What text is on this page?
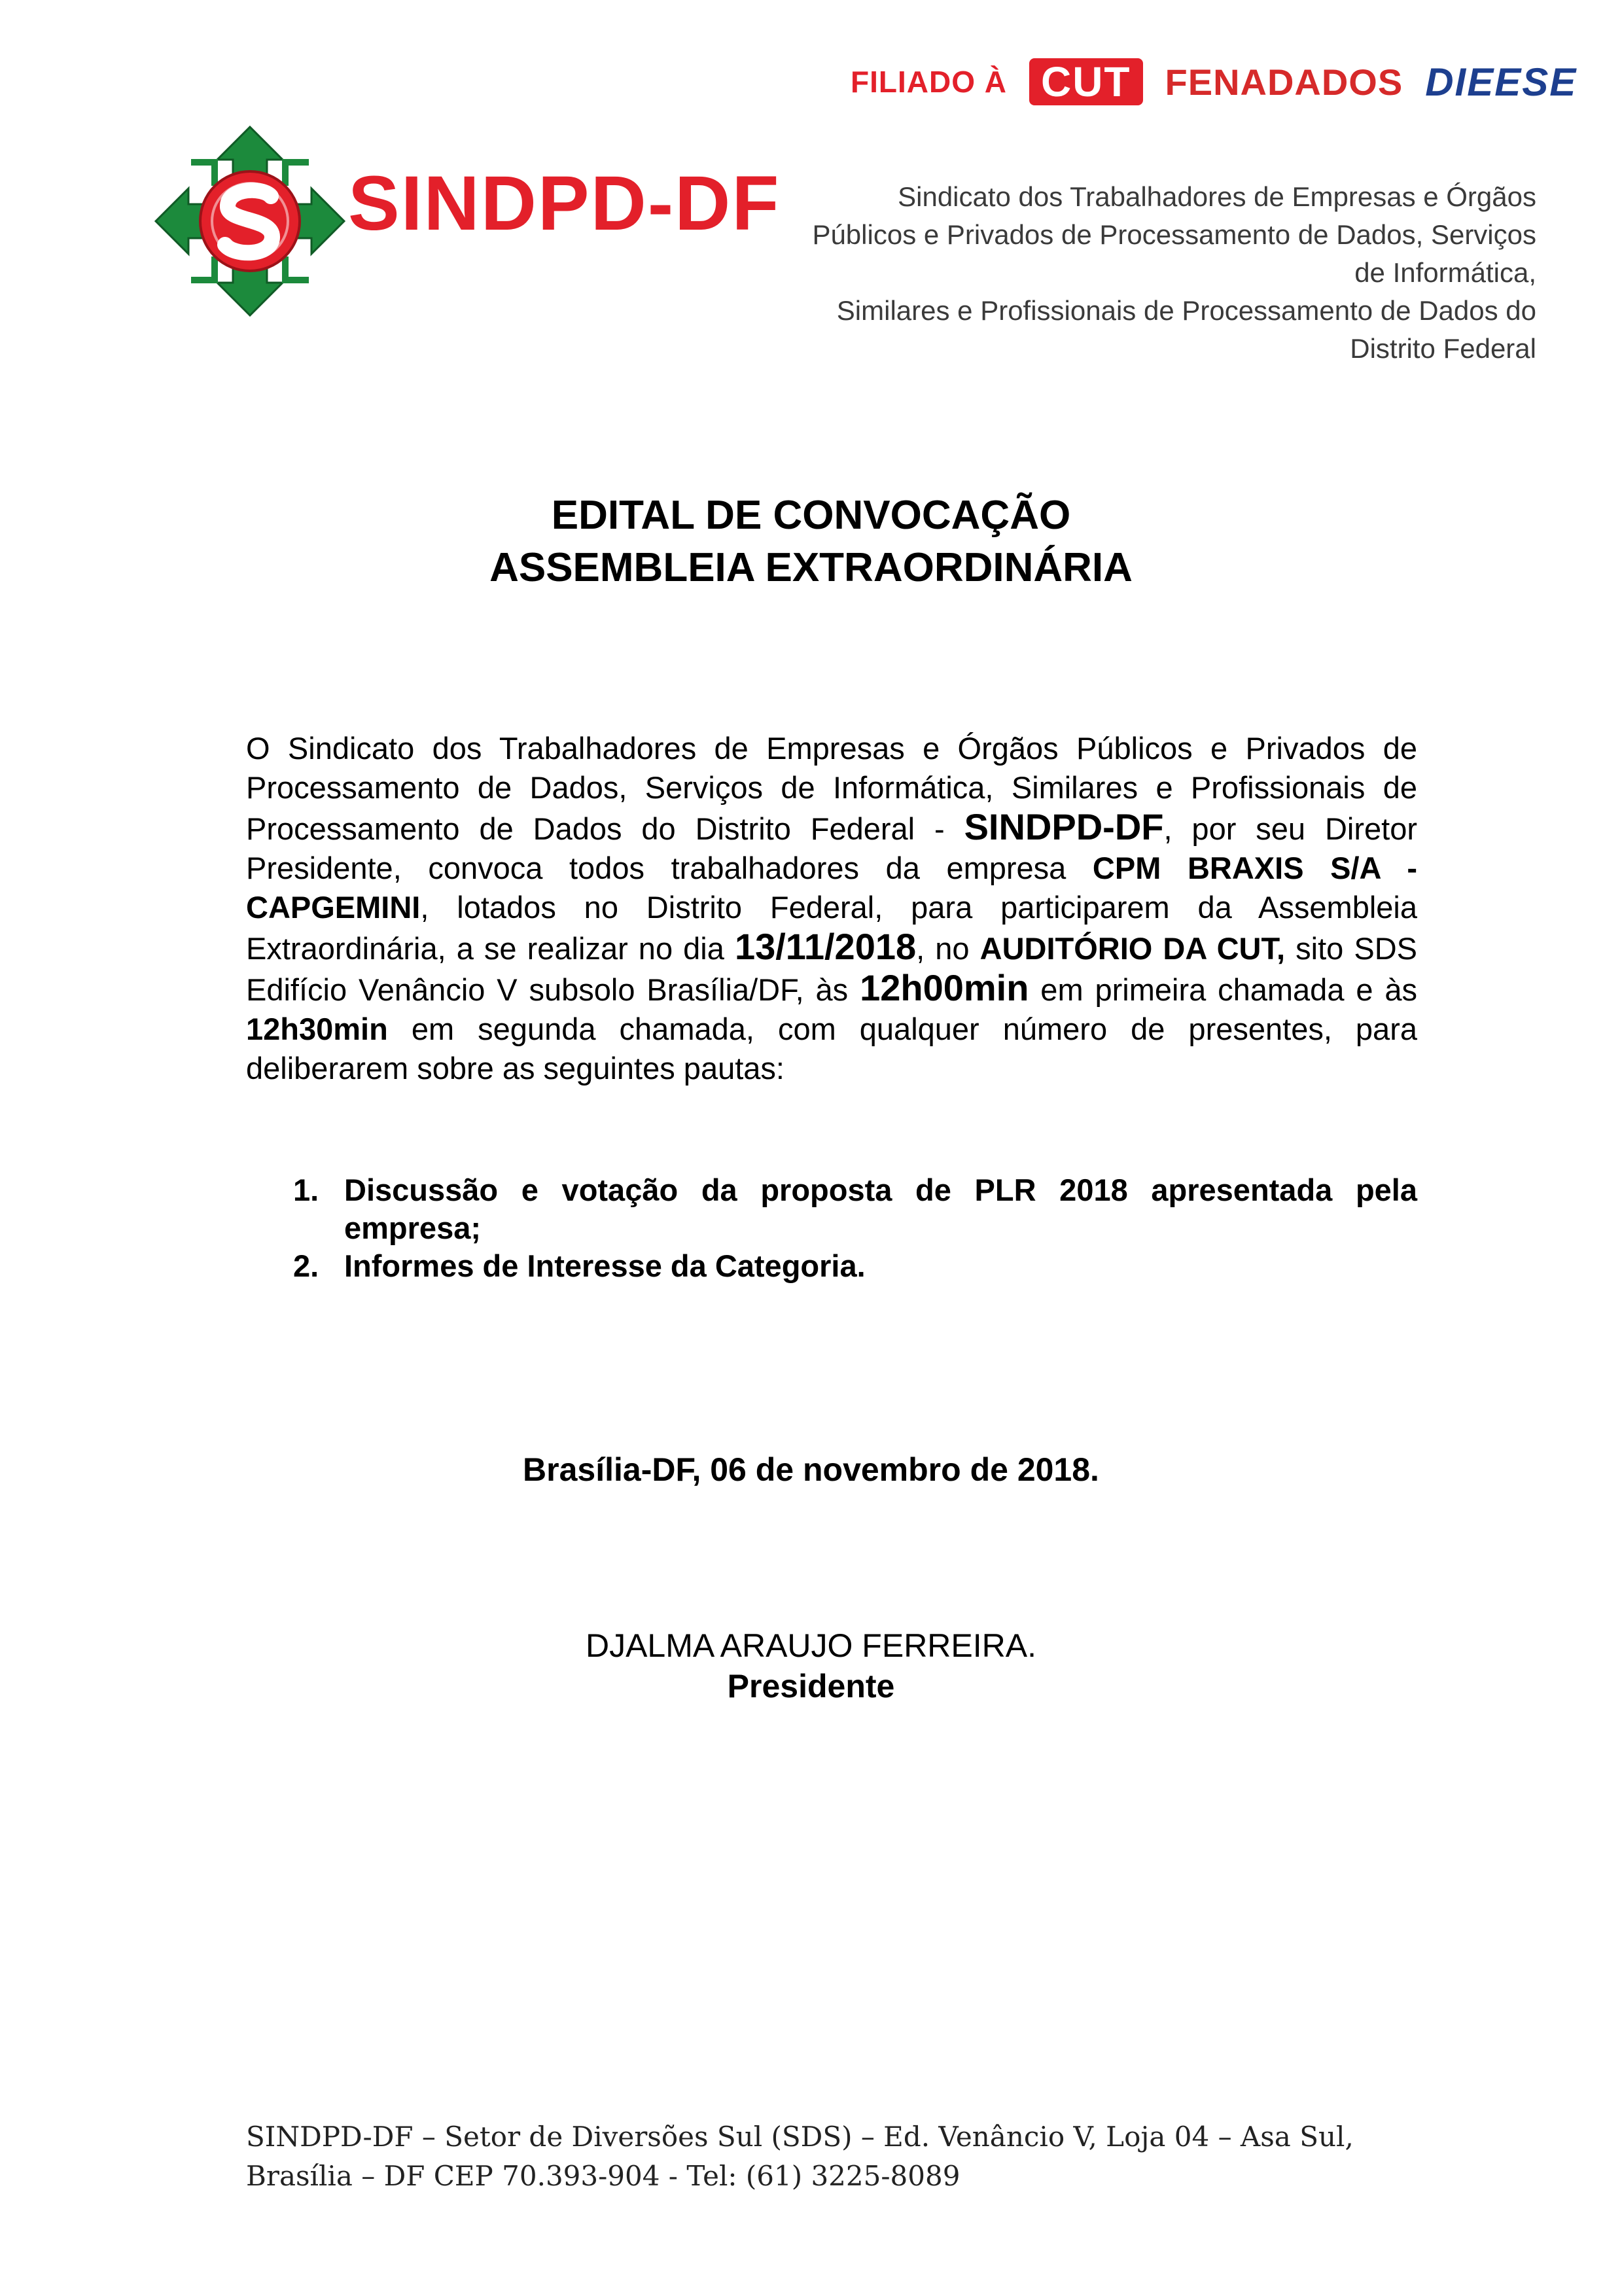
FILIADO À CUT FENADADOS DIEESE
SINDPD-DF	Sindicato dos Trabalhadores de Empresas e Órgãos
Públicos e Privados de Processamento de Dados, Serviços de Informática,
Similares e Profissionais de Processamento de Dados do Distrito Federal
EDITAL DE CONVOCAÇÃO
ASSEMBLEIA EXTRAORDINÁRIA
O Sindicato dos Trabalhadores de Empresas e Órgãos Públicos e Privados de Processamento de Dados, Serviços de Informática, Similares e Profissionais de Processamento de Dados do Distrito Federal - SINDPD-DF, por seu Diretor Presidente, convoca todos trabalhadores da empresa CPM BRAXIS S/A - CAPGEMINI, lotados no Distrito Federal, para participarem da Assembleia Extraordinária, a se realizar no dia 13/11/2018, no AUDITÓRIO DA CUT, sito SDS Edifício Venâncio V subsolo Brasília/DF, às 12h00min em primeira chamada e às 12h30min em segunda chamada, com qualquer número de presentes, para deliberarem sobre as seguintes pautas:
1. Discussão e votação da proposta de PLR 2018 apresentada pela empresa;
2. Informes de Interesse da Categoria.
Brasília-DF, 06 de novembro de 2018.
DJALMA ARAUJO FERREIRA.
Presidente
SINDPD-DF – Setor de Diversões Sul (SDS) – Ed. Venâncio V, Loja 04 – Asa Sul,
Brasília – DF CEP 70.393-904 - Tel: (61) 3225-8089
